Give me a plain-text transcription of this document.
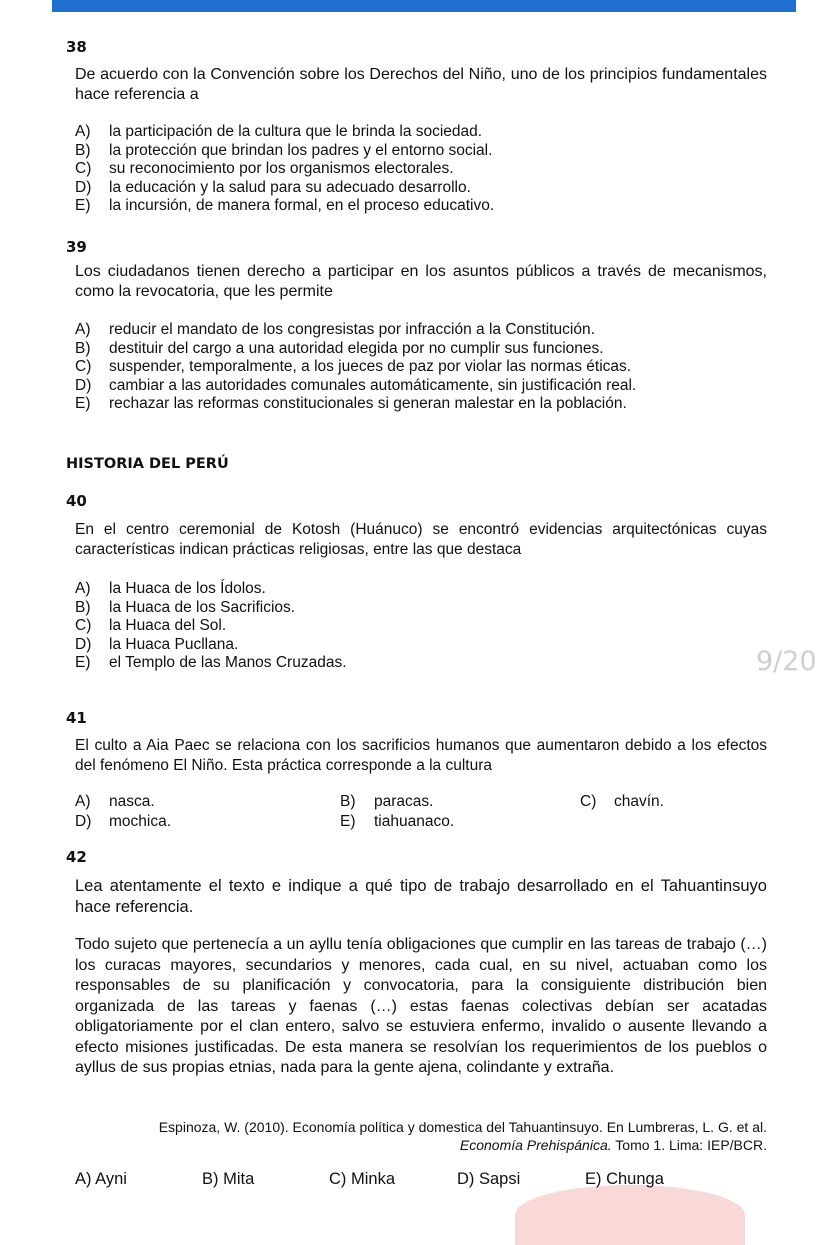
38
De acuerdo con la Convención sobre los Derechos del Niño, uno de los principios fundamentales hace referencia a
A)	la participación de la cultura que le brinda la sociedad.
B)	la protección que brindan los padres y el entorno social.
C)	su reconocimiento por los organismos electorales.
D)	la educación y la salud para su adecuado desarrollo.
E)	la incursión, de manera formal, en el proceso educativo.
39
Los ciudadanos tienen derecho a participar en los asuntos públicos a través de mecanismos, como la revocatoria, que les permite
A)	reducir el mandato de los congresistas por infracción a la Constitución.
B)	destituir del cargo a una autoridad elegida por no cumplir sus funciones.
C)	suspender, temporalmente, a los jueces de paz por violar las normas éticas.
D)	cambiar a las autoridades comunales automáticamente, sin justificación real.
E)	rechazar las reformas constitucionales si generan malestar en la población.
HISTORIA DEL PERÚ
40
En el centro ceremonial de Kotosh (Huánuco) se encontró evidencias arquitectónicas cuyas características indican prácticas religiosas, entre las que destaca
A)	la Huaca de los Ídolos.
B)	la Huaca de los Sacrificios.
C)	la Huaca del Sol.
D)	la Huaca Pucllana.
E)	el Templo de las Manos Cruzadas.	9/20
41
El culto a Aia Paec se relaciona con los sacrificios humanos que aumentaron debido a los efectos del fenómeno El Niño. Esta práctica corresponde a la cultura
A)	nasca.	B)	paracas.	C)	chavín.
D)	mochica.	E)	tiahuanaco.
42
Lea atentamente el texto e indique a qué tipo de trabajo desarrollado en el Tahuantinsuyo hace referencia.
Todo sujeto que pertenecía a un ayllu tenía obligaciones que cumplir en las tareas de trabajo (…) los curacas mayores, secundarios y menores, cada cual, en su nivel, actuaban como los responsables de su planificación y convocatoria, para la consiguiente distribución bien organizada de las tareas y faenas (…) estas faenas colectivas debían ser acatadas obligatoriamente por el clan entero, salvo se estuviera enfermo, invalido o ausente llevando a efecto misiones justificadas. De esta manera se resolvían los requerimientos de los pueblos o ayllus de sus propias etnias, nada para la gente ajena, colindante y extraña.
Espinoza, W. (2010). Economía política y domestica del Tahuantinsuyo. En Lumbreras, L. G. et al.
Economía Prehispánica. Tomo 1. Lima: IEP/BCR.
A) Ayni	B) Mita	C) Minka	D) Sapsi	E) Chunga
